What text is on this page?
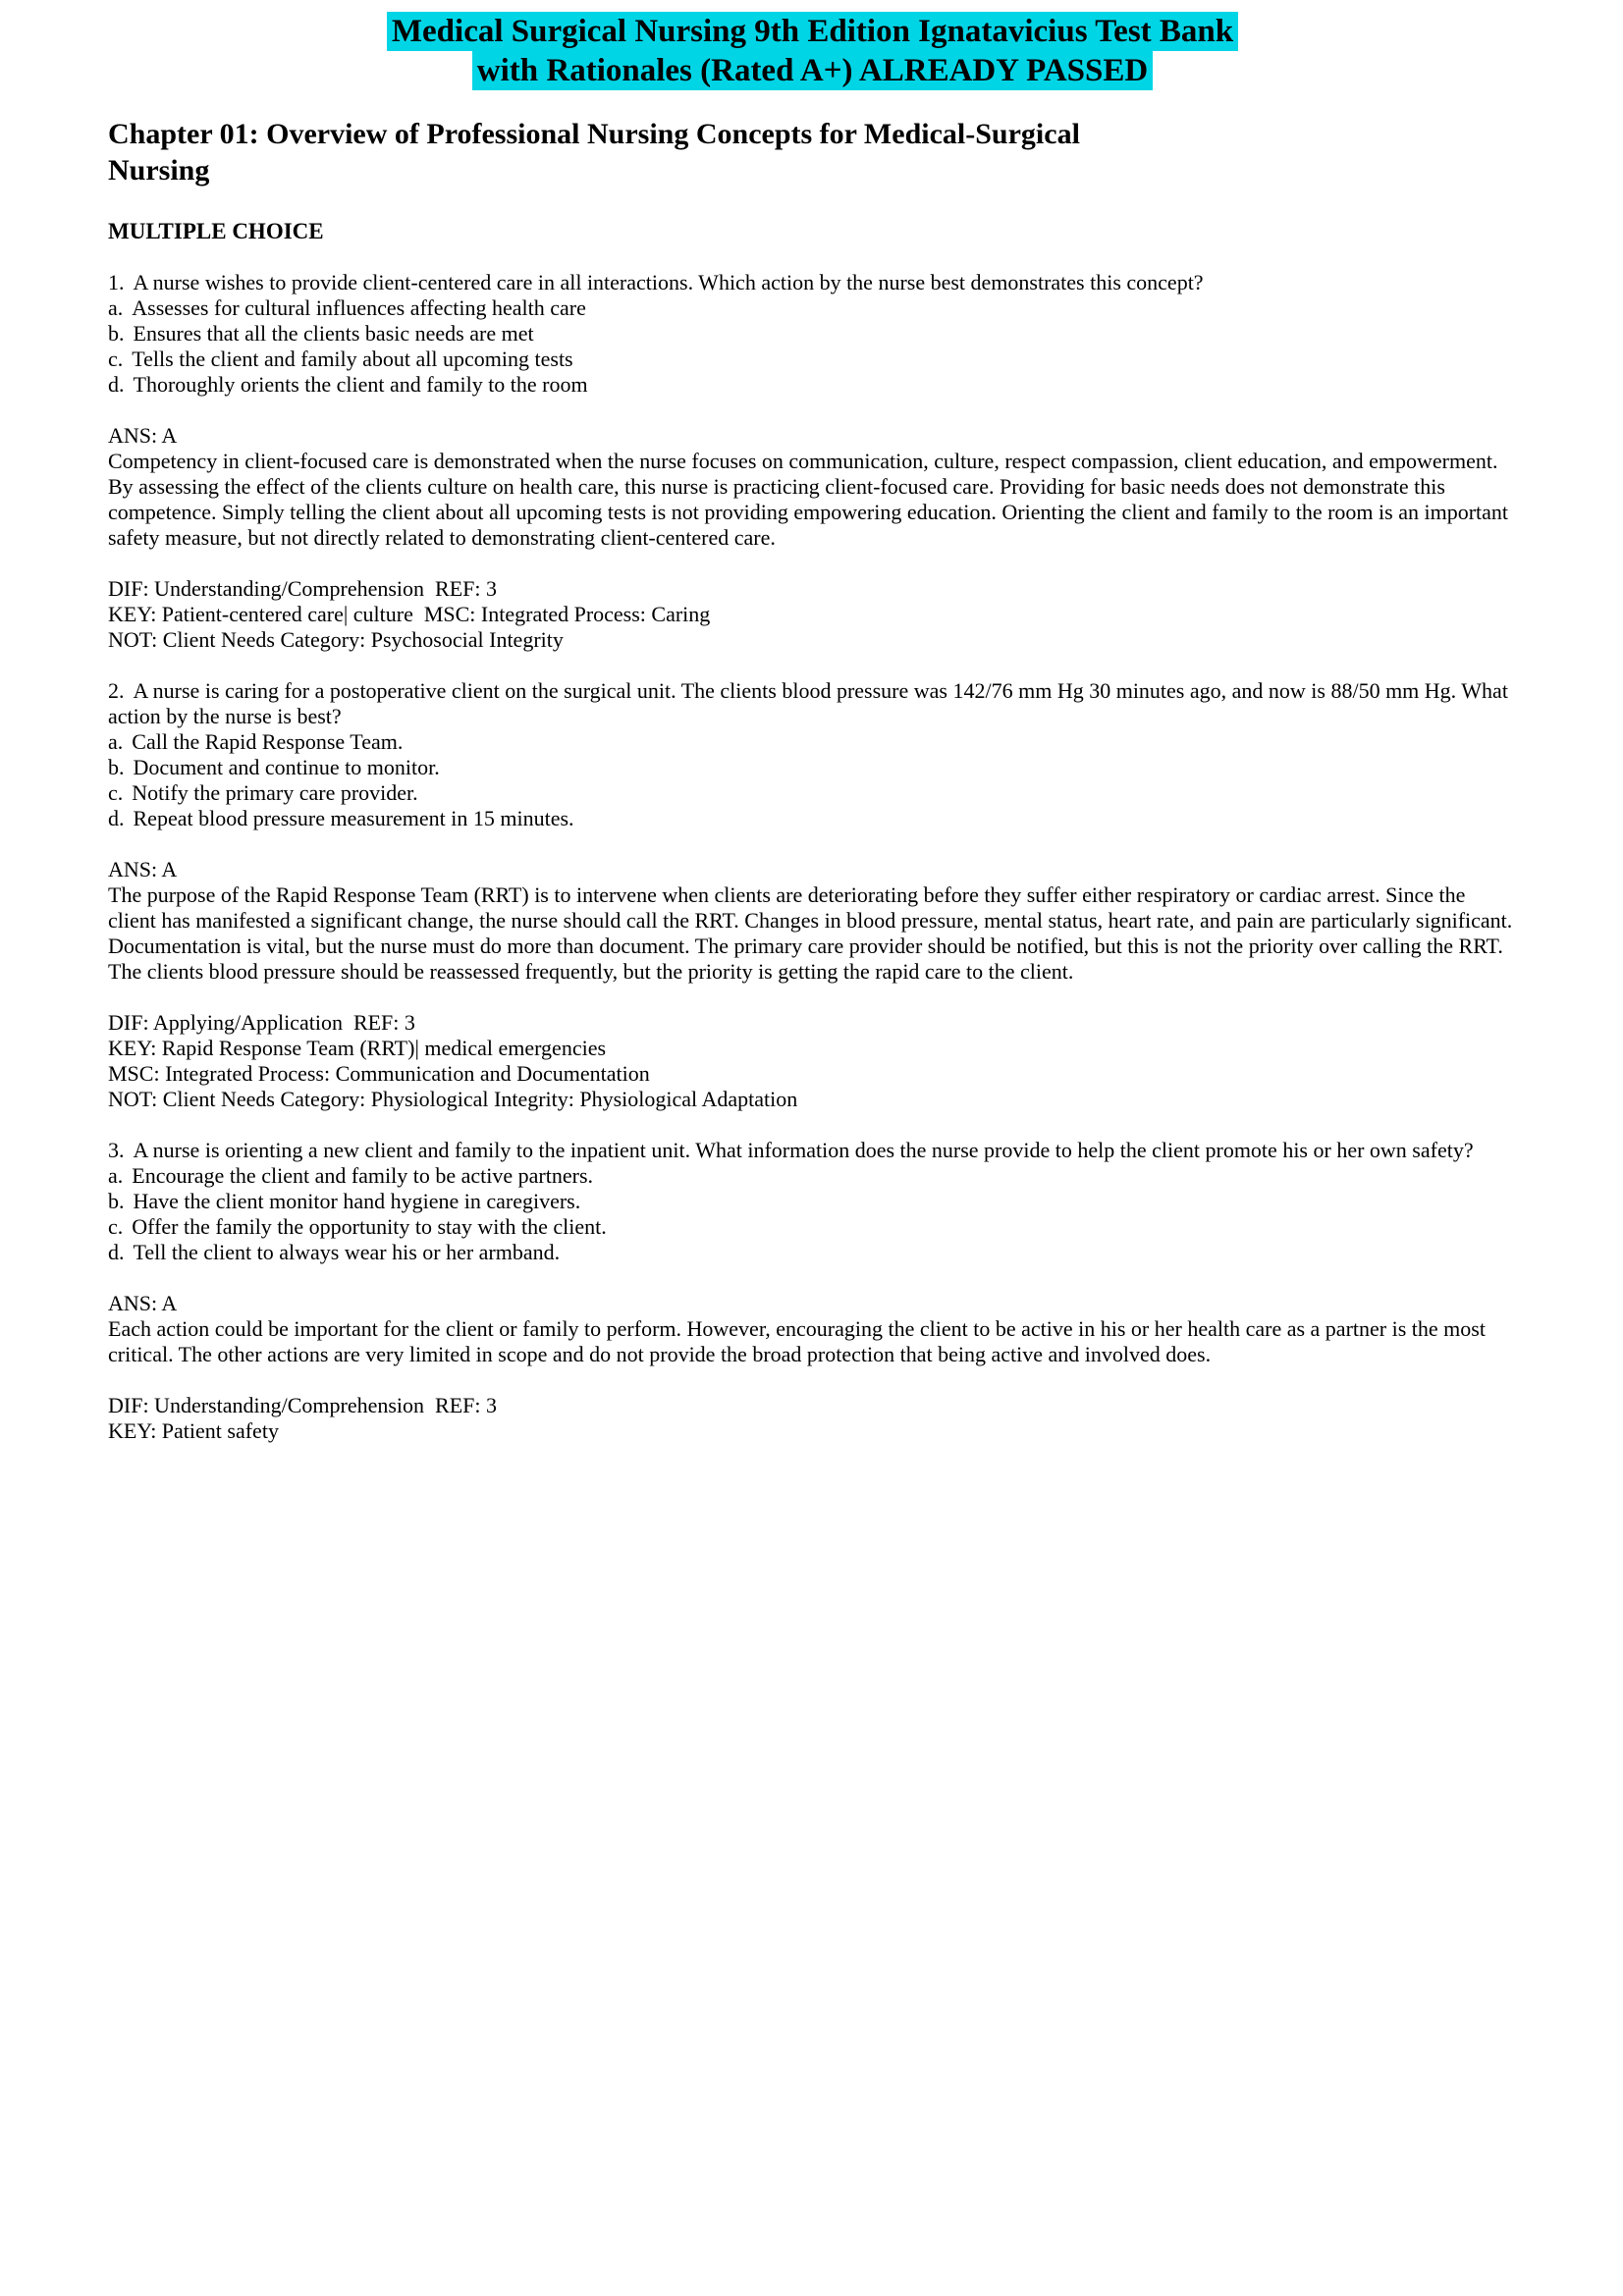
Medical Surgical Nursing 9th Edition Ignatavicius Test Bank
with Rationales (Rated A+) ALREADY PASSED
Chapter 01: Overview of Professional Nursing Concepts for Medical-Surgical Nursing
MULTIPLE CHOICE

1. A nurse wishes to provide client-centered care in all interactions. Which action by the nurse best demonstrates this concept?

a. Assesses for cultural influences affecting health care

b. Ensures that all the clients basic needs are met

c. Tells the client and family about all upcoming tests

d. Thoroughly orients the client and family to the room

ANS: A

Competency in client-focused care is demonstrated when the nurse focuses on communication, culture, respect compassion, client education, and empowerment. By assessing the effect of the clients culture on health care, this nurse is practicing client-focused care. Providing for basic needs does not demonstrate this competence. Simply telling the client about all upcoming tests is not providing empowering education. Orienting the client and family to the room is an important safety measure, but not directly related to demonstrating client-centered care.

DIF: Understanding/Comprehension  REF: 3

KEY: Patient-centered care| culture  MSC: Integrated Process: Caring

NOT: Client Needs Category: Psychosocial Integrity

2. A nurse is caring for a postoperative client on the surgical unit. The clients blood pressure was 142/76 mm Hg 30 minutes ago, and now is 88/50 mm Hg. What action by the nurse is best?

a. Call the Rapid Response Team.

b. Document and continue to monitor.

c. Notify the primary care provider.

d. Repeat blood pressure measurement in 15 minutes.

ANS: A

The purpose of the Rapid Response Team (RRT) is to intervene when clients are deteriorating before they suffer either respiratory or cardiac arrest. Since the client has manifested a significant change, the nurse should call the RRT. Changes in blood pressure, mental status, heart rate, and pain are particularly significant. Documentation is vital, but the nurse must do more than document. The primary care provider should be notified, but this is not the priority over calling the RRT. The clients blood pressure should be reassessed frequently, but the priority is getting the rapid care to the client.

DIF: Applying/Application  REF: 3

KEY: Rapid Response Team (RRT)| medical emergencies

MSC: Integrated Process: Communication and Documentation

NOT: Client Needs Category: Physiological Integrity: Physiological Adaptation

3. A nurse is orienting a new client and family to the inpatient unit. What information does the nurse provide to help the client promote his or her own safety?

a. Encourage the client and family to be active partners.

b. Have the client monitor hand hygiene in caregivers.

c. Offer the family the opportunity to stay with the client.

d. Tell the client to always wear his or her armband.

ANS: A

Each action could be important for the client or family to perform. However, encouraging the client to be active in his or her health care as a partner is the most critical. The other actions are very limited in scope and do not provide the broad protection that being active and involved does.

DIF: Understanding/Comprehension  REF: 3

KEY: Patient safety
